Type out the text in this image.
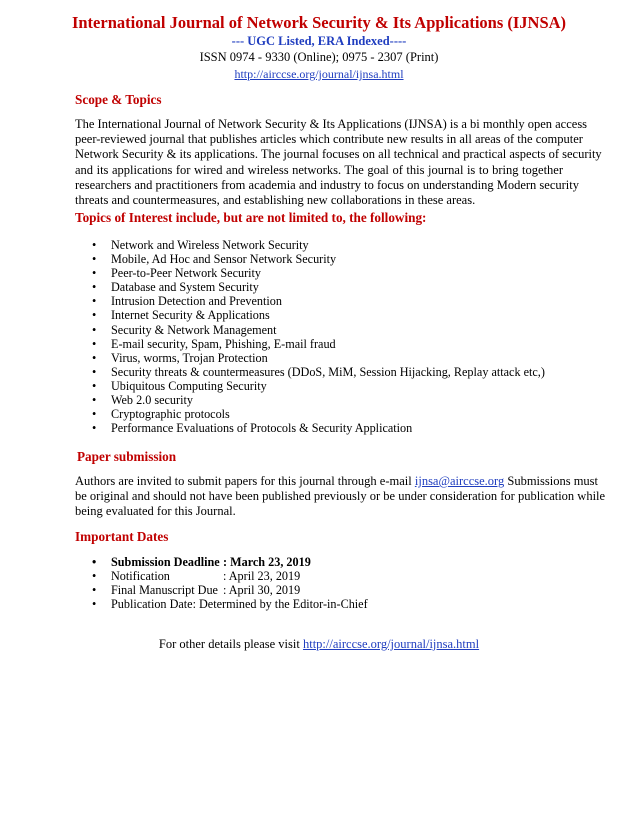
International Journal of Network Security & Its Applications (IJNSA)
--- UGC Listed, ERA Indexed----
ISSN 0974 - 9330 (Online); 0975 - 2307 (Print)
http://airccse.org/journal/ijnsa.html
Scope & Topics
The International Journal of Network Security & Its Applications (IJNSA) is a bi monthly open access
peer-reviewed journal that publishes articles which contribute new results in all areas of the computer
Network Security & its applications. The journal focuses on all technical and practical aspects of security
and its applications for wired and wireless networks. The goal of this journal is to bring together
researchers and practitioners from academia and industry to focus on understanding Modern security
threats and countermeasures, and establishing new collaborations in these areas.
Topics of Interest include, but are not limited to, the following:
• Network and Wireless Network Security
• Mobile, Ad Hoc and Sensor Network Security
• Peer-to-Peer Network Security
• Database and System Security
• Intrusion Detection and Prevention
• Internet Security & Applications
• Security & Network Management
• E-mail security, Spam, Phishing, E-mail fraud
• Virus, worms, Trojan Protection
• Security threats & countermeasures (DDoS, MiM, Session Hijacking, Replay attack etc,)
• Ubiquitous Computing Security
• Web 2.0 security
• Cryptographic protocols
• Performance Evaluations of Protocols & Security Application
Paper submission
Authors are invited to submit papers for this journal through e-mail ijnsa@airccse.org Submissions must
be original and should not have been published previously or be under consideration for publication while
being evaluated for this Journal.
Important Dates
• Submission Deadline : March 23, 2019
• Notification	: April 23, 2019
• Final Manuscript Due : April 30, 2019
• Publication Date: Determined by the Editor-in-Chief
For other details please visit http://airccse.org/journal/ijnsa.html
